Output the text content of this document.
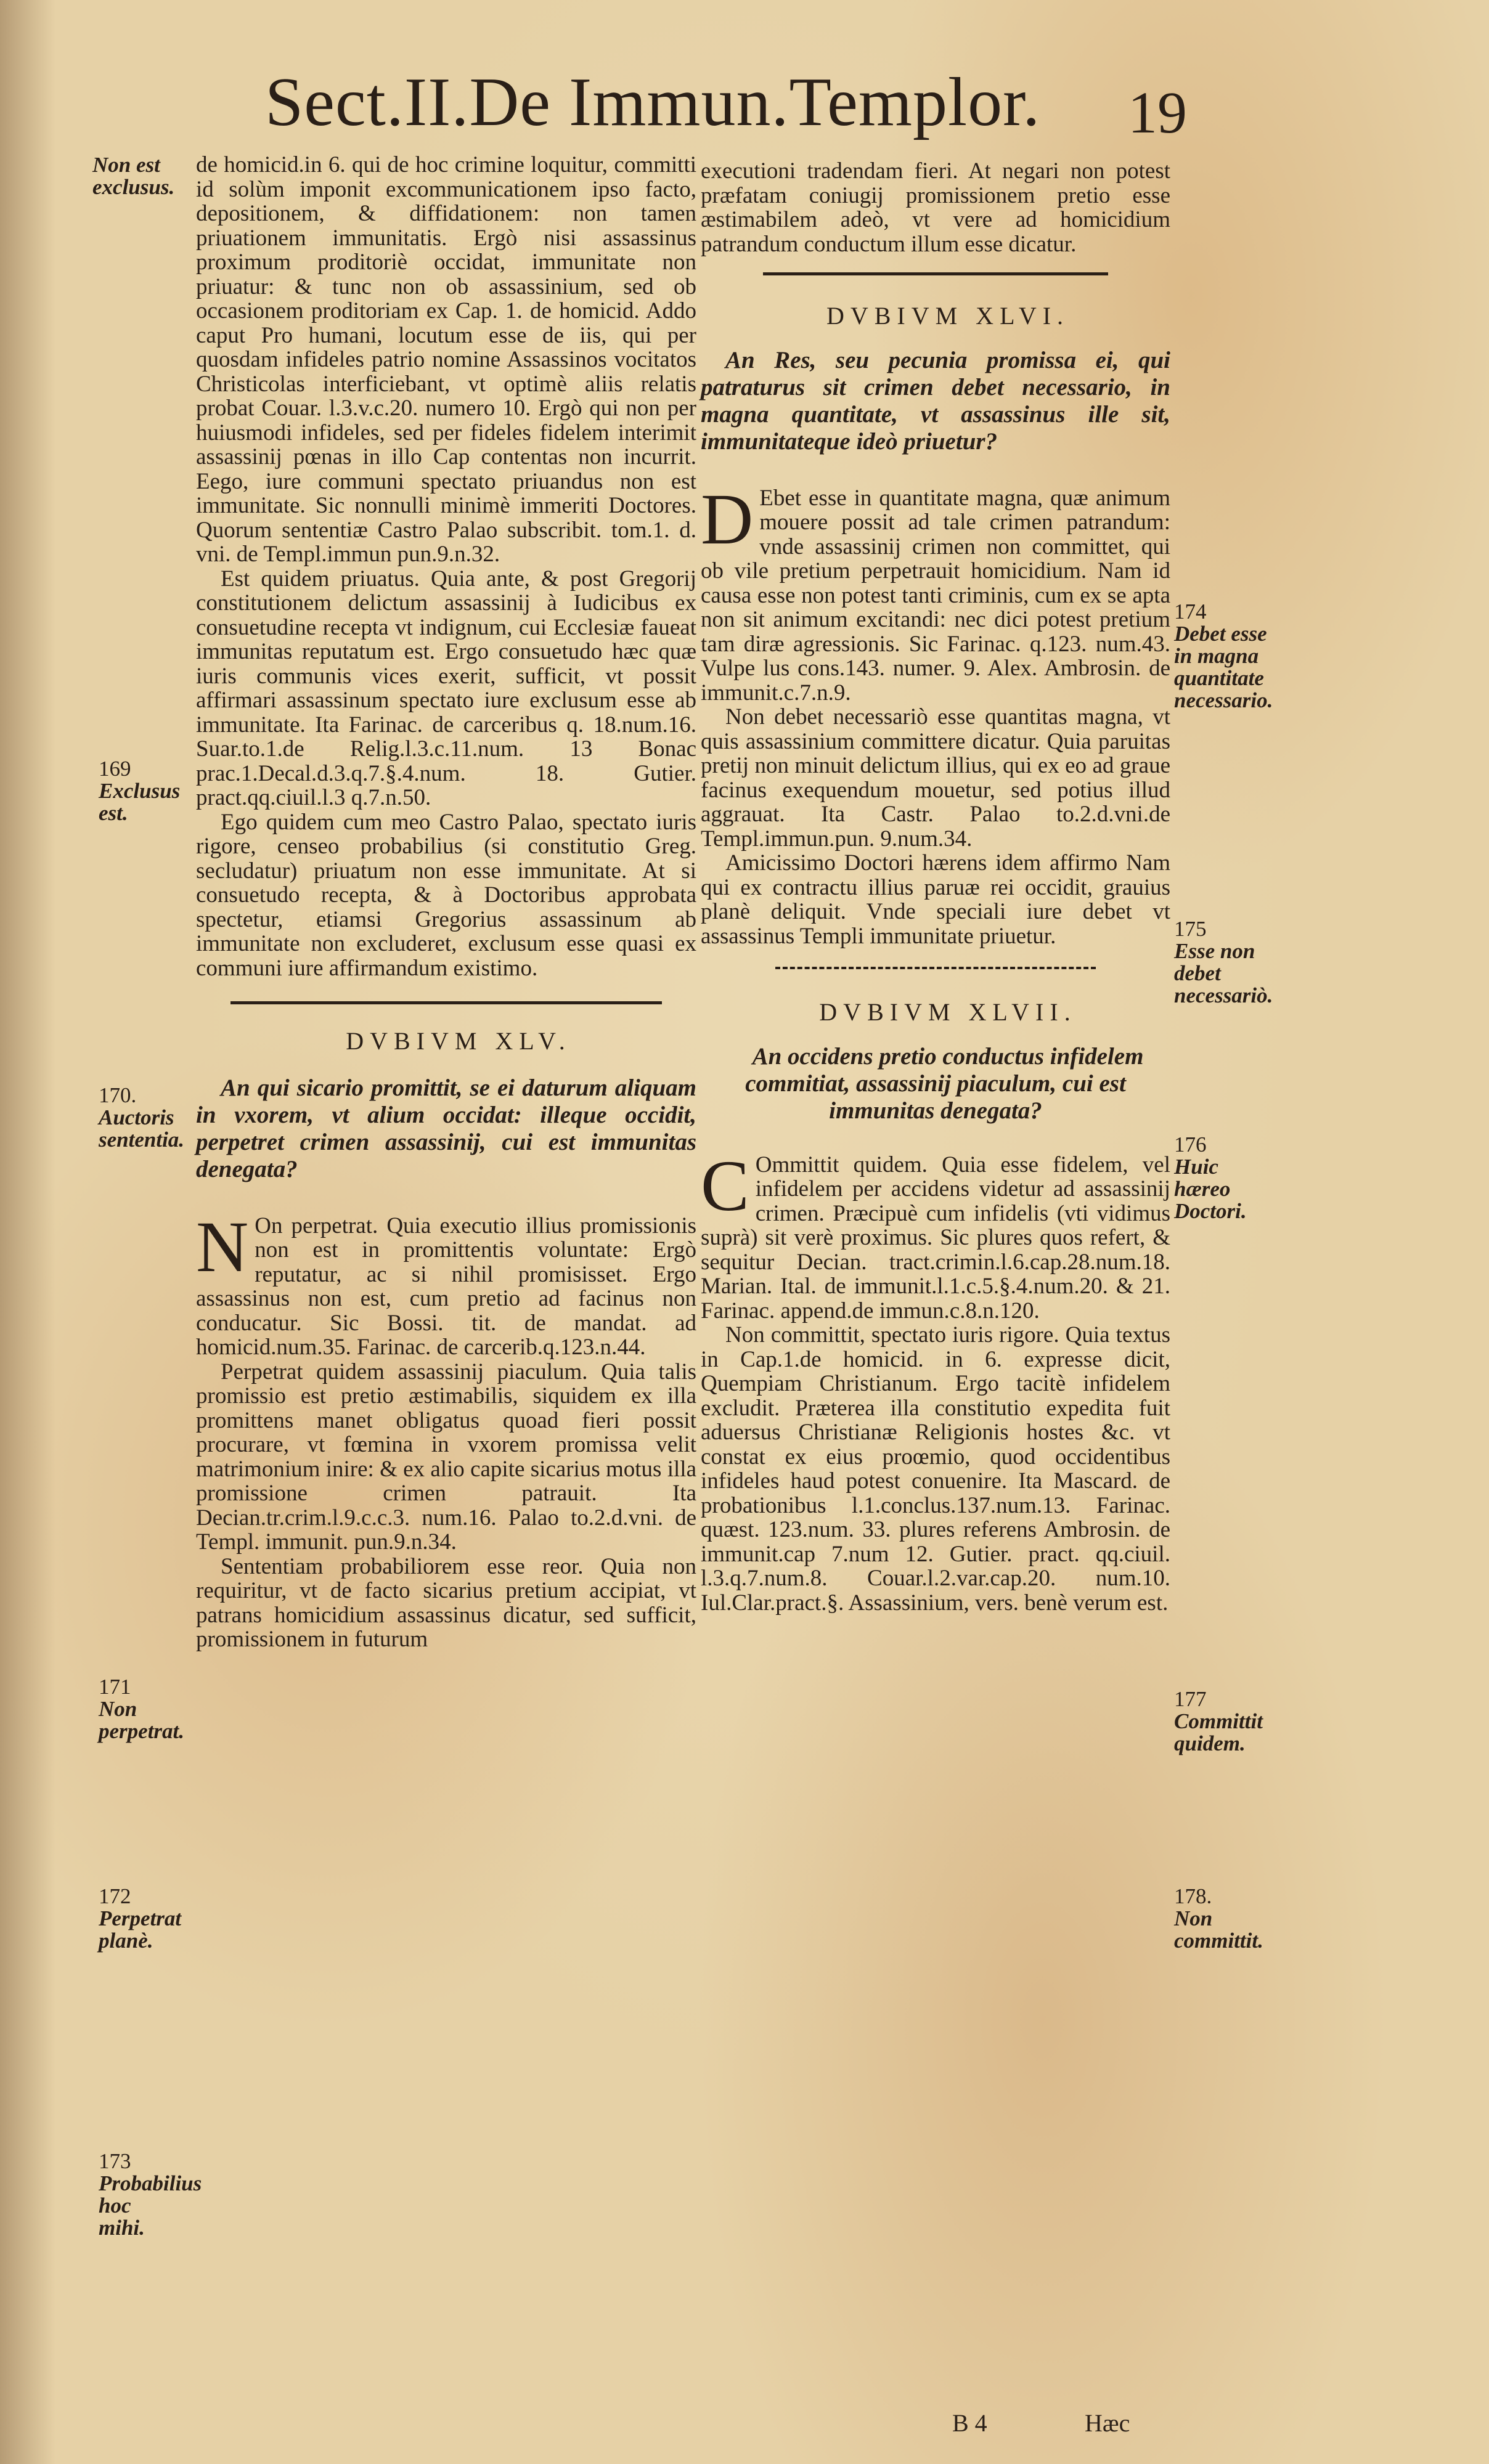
Sect.II.De Immun.Templor. 19

de homicid.in 6. qui de hoc crimine loquitur, committi id solùm imponit excommunicationem ipso facto, depositionem, & diffidationem: non tamen priuationem immunitatis. Ergò nisi assassinus proximum proditoriè occidat, immunitate non priuatur: & tunc non ob assassinium, sed ob occasionem proditoriam ex Cap. 1. de homicid. Addo caput Pro humani, locutum esse de iis, qui per quosdam infideles patrio nomine Assassinos vocitatos Christicolas interficiebant, vt optimè aliis relatis probat Couar. l.3.v.c.20. numero 10. Ergò qui non per huiusmodi infideles, sed per fideles fidelem interimit assassinij pœnas in illo Cap contentas non incurrit. Eego, iure communi spectato priuandus non est immunitate. Sic nonnulli minimè immeriti Doctores. Quorum sententiæ Castro Palao subscribit. tom.1. d. vni. de Templ.immun pun.9.n.32.

Est quidem priuatus. Quia ante, & post Gregorij constitutionem delictum assassinij à Iudicibus ex consuetudine recepta vt indignum, cui Ecclesiæ faueat immunitas reputatum est. Ergo consuetudo hæc quæ iuris communis vices exerit, sufficit, vt possit affirmari assassinum spectato iure exclusum esse ab immunitate. Ita Farinac. de carceribus q. 18.num.16. Suar.to.1.de Relig.l.3.c.11.num. 13 Bonac prac.1.Decal.d.3.q.7.§.4.num. 18. Gutier. pract.qq.ciuil.l.3 q.7.n.50.

Ego quidem cum meo Castro Palao, spectato iuris rigore, censeo probabilius (si constitutio Greg. secludatur) priuatum non esse immunitate. At si consuetudo recepta, & à Doctoribus approbata spectetur, etiamsi Gregorius assassinum ab immunitate non excluderet, exclusum esse quasi ex communi iure affirmandum existimo.

DVBIVM XLV.

An qui sicario promittit, se ei daturum aliquam in vxorem, vt alium occidat: illeque occidit, perpetret crimen assassinij, cui est immunitas denegata?

N On perpetrat. Quia executio illius promissionis non est in promittentis voluntate: Ergò reputatur, ac si nihil promisisset. Ergo assassinus non est, cum pretio ad facinus non conducatur. Sic Bossi. tit. de mandat. ad homicid.num.35. Farinac. de carcerib.q.123.n.44.

Perpetrat quidem assassinij piaculum. Quia talis promissio est pretio æstimabilis, siquidem ex illa promittens manet obligatus quoad fieri possit procurare, vt fœmina in vxorem promissa velit matrimonium inire: & ex alio capite sicarius motus illa promissione crimen patrauit. Ita Decian.tr.crim.l.9.c.c.3. num.16. Palao to.2.d.vni. de Templ. immunit. pun.9.n.34.

Sententiam probabiliorem esse reor. Quia non requiritur, vt de facto sicarius pretium accipiat, vt patrans homicidium assassinus dicatur, sed sufficit, promissionem in futurum

executioni tradendam fieri. At negari non potest præfatam coniugij promissionem pretio esse æstimabilem adeò, vt vere ad homicidium patrandum conductum illum esse dicatur.

DVBIVM XLVI.

An Res, seu pecunia promissa ei, qui patraturus sit crimen debet necessario, in magna quantitate, vt assassinus ille sit, immunitateque ideò priuetur?

D Ebet esse in quantitate magna, quæ animum mouere possit ad tale crimen patrandum: vnde assassinij crimen non committet, qui ob vile pretium perpetrauit homicidium. Nam id causa esse non potest tanti criminis, cum ex se apta non sit animum excitandi: nec dici potest pretium tam diræ agressionis. Sic Farinac. q.123. num.43. Vulpe lus cons.143. numer. 9. Alex. Ambrosin. de immunit.c.7.n.9.

Non debet necessariò esse quantitas magna, vt quis assassinium committere dicatur. Quia paruitas pretij non minuit delictum illius, qui ex eo ad graue facinus exequendum mouetur, sed potius illud aggrauat. Ita Castr. Palao to.2.d.vni.de Templ.immun.pun. 9.num.34.

Amicissimo Doctori hærens idem affirmo Nam qui ex contractu illius paruæ rei occidit, grauius planè deliquit. Vnde speciali iure debet vt assassinus Templi immunitate priuetur.

DVBIVM XLVII.

An occidens pretio conductus infidelem commitiat, assassinij piaculum, cui est immunitas denegata?

C Ommittit quidem. Quia esse fidelem, vel infidelem per accidens videtur ad assassinij crimen. Præcipuè cum infidelis (vti vidimus suprà) sit verè proximus. Sic plures quos refert, & sequitur Decian. tract.crimin.l.6.cap.28.num.18. Marian. Ital. de immunit.l.1.c.5.§.4.num.20. & 21. Farinac. append.de immun.c.8.n.120.

Non committit, spectato iuris rigore. Quia textus in Cap.1.de homicid. in 6. expresse dicit, Quempiam Christianum. Ergo tacitè infidelem excludit. Præterea illa constitutio expedita fuit aduersus Christianæ Religionis hostes &c. vt constat ex eius proœmio, quod occidentibus infideles haud potest conuenire. Ita Mascard. de probationibus l.1.conclus.137.num.13. Farinac. quæst. 123.num. 33. plures referens Ambrosin. de immunit.cap 7.num 12. Gutier. pract. qq.ciuil. l.3.q.7.num.8. Couar.l.2.var.cap.20. num.10. Iul.Clar.pract.§. Assassinium, vers. benè verum est.

Non est exclusus.
169
Exclusus est.
170.
Auctoris sententia.
171
Non perpetrat.
172
Perpetrat planè.
173
Probabilius hoc mihi.
174
Debet esse in magna quantitate necessario.
175
Esse non debet necessariò.
176
Huic hæreo Doctori.
177
Committit quidem.
178.
Non committit.
B 4	Hæc
